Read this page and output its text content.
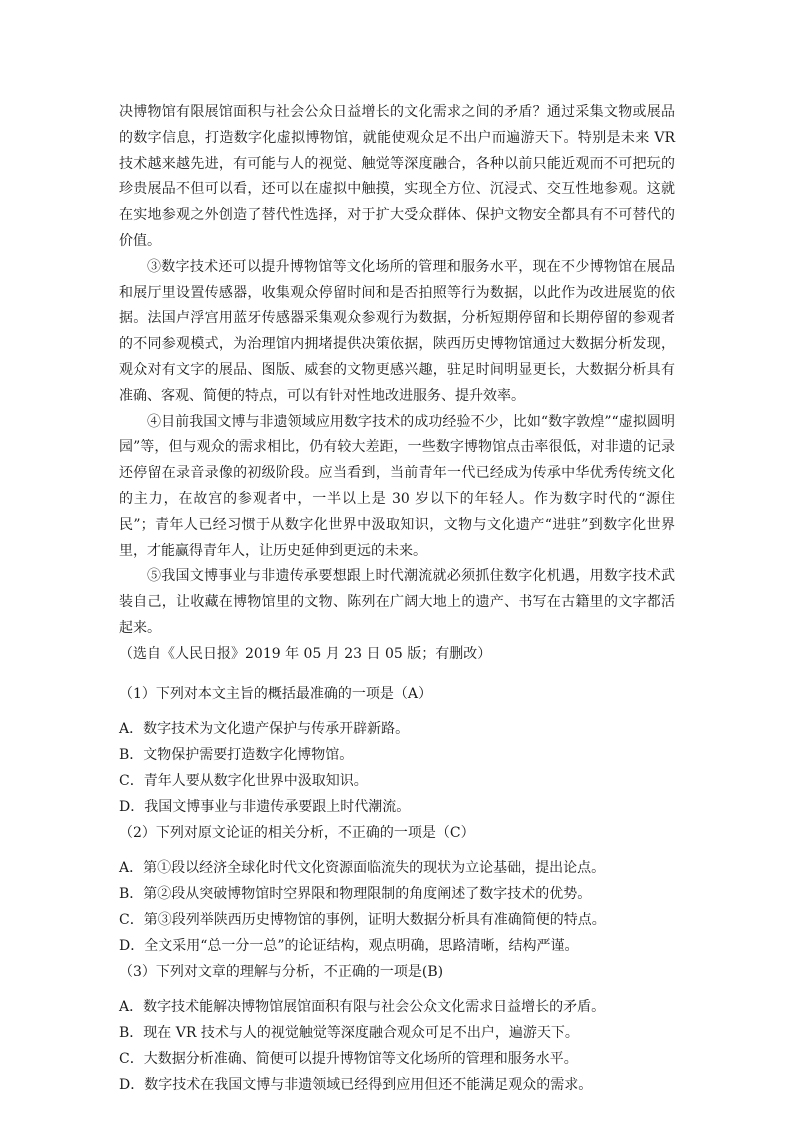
决博物馆有限展馆面积与社会公众日益增长的文化需求之间的矛盾？通过采集文物或展品的数字信息，打造数字化虚拟博物馆，就能使观众足不出户而遍游天下。特别是未来 VR 技术越来越先进，有可能与人的视觉、触觉等深度融合，各种以前只能近观而不可把玩的珍贵展品不但可以看，还可以在虚拟中触摸，实现全方位、沉浸式、交互性地参观。这就在实地参观之外创造了替代性选择，对于扩大受众群体、保护文物安全都具有不可替代的价值。

③数字技术还可以提升博物馆等文化场所的管理和服务水平，现在不少博物馆在展品和展厅里设置传感器，收集观众停留时间和是否拍照等行为数据，以此作为改进展览的依据。法国卢浮宫用蓝牙传感器采集观众参观行为数据，分析短期停留和长期停留的参观者的不同参观模式，为治理馆内拥堵提供决策依据，陕西历史博物馆通过大数据分析发现，观众对有文字的展品、图版、威套的文物更感兴趣，驻足时间明显更长，大数据分析具有准确、客观、简便的特点，可以有针对性地改进服务、提升效率。

④目前我国文博与非遗领域应用数字技术的成功经验不少，比如“数字敦煌”“虚拟圆明园”等，但与观众的需求相比，仍有较大差距，一些数字博物馆点击率很低，对非遗的记录还停留在录音录像的初级阶段。应当看到，当前青年一代已经成为传承中华优秀传统文化的主力，在故宫的参观者中，一半以上是 30 岁以下的年轻人。作为数字时代的“源住民”；青年人已经习惯于从数字化世界中汲取知识，文物与文化遗产“进驻”到数字化世界里，才能赢得青年人，让历史延伸到更远的未来。

⑤我国文博事业与非遗传承要想跟上时代潮流就必须抓住数字化机遇，用数字技术武装自己，让收藏在博物馆里的文物、陈列在广阔大地上的遗产、书写在古籍里的文字都活起来。

（选自《人民日报》2019 年 05 月 23 日 05 版；有删改）

（1）下列对本文主旨的概括最准确的一项是（A）

A．数字技术为文化遗产保护与传承开辟新路。

B．文物保护需要打造数字化博物馆。

C．青年人要从数字化世界中汲取知识。

D．我国文博事业与非遗传承要跟上时代潮流。

（2）下列对原文论证的相关分析，不正确的一项是（C）

A．第①段以经济全球化时代文化资源面临流失的现状为立论基础，提出论点。

B．第②段从突破博物馆时空界限和物理限制的角度阐述了数字技术的优势。

C．第③段列举陕西历史博物馆的事例，证明大数据分析具有准确简便的特点。

D．全文采用“总一分一总”的论证结构，观点明确，思路清晰，结构严谨。

（3）下列对文章的理解与分析，不正确的一项是(B)

A．数字技术能解决博物馆展馆面积有限与社会公众文化需求日益增长的矛盾。

B．现在 VR 技术与人的视觉触觉等深度融合观众可足不出户，遍游天下。

C．大数据分析准确、简便可以提升博物馆等文化场所的管理和服务水平。

D．数字技术在我国文博与非遗领域已经得到应用但还不能满足观众的需求。
